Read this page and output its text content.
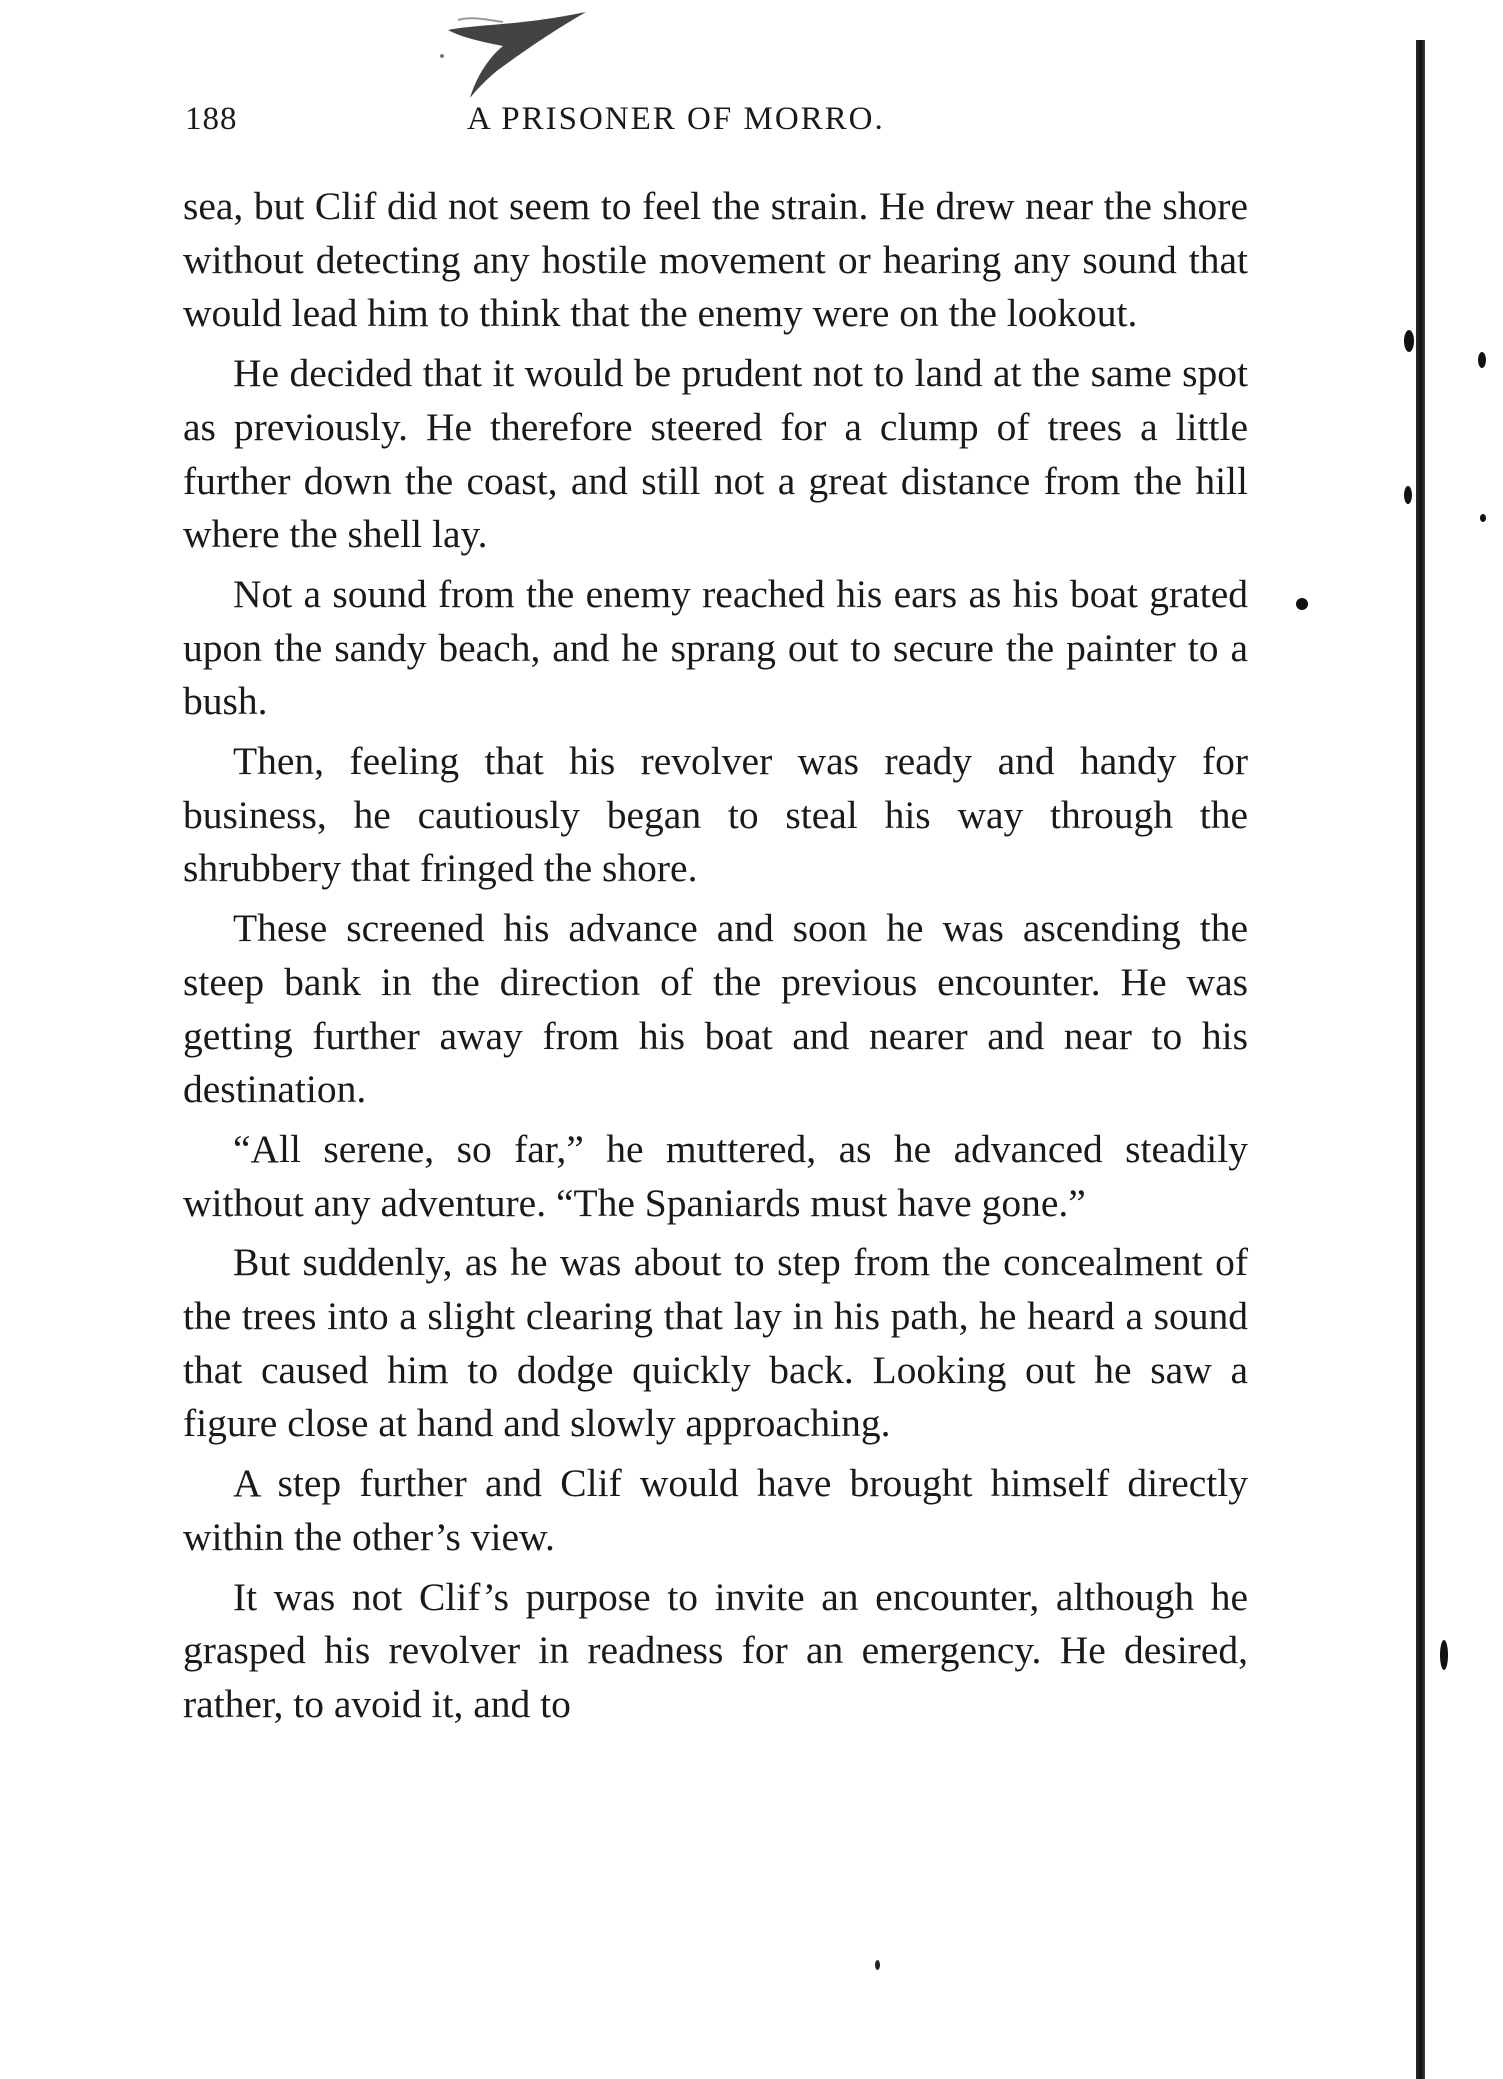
188	A PRISONER OF MORRO.

sea, but Clif did not seem to feel the strain. He drew near the shore without detecting any hostile movement or hearing any sound that would lead him to think that the enemy were on the lookout.

He decided that it would be prudent not to land at the same spot as previously. He therefore steered for a clump of trees a little further down the coast, and still not a great distance from the hill where the shell lay.

Not a sound from the enemy reached his ears as his boat grated upon the sandy beach, and he sprang out to secure the painter to a bush.

Then, feeling that his revolver was ready and handy for business, he cautiously began to steal his way through the shrubbery that fringed the shore.

These screened his advance and soon he was ascending the steep bank in the direction of the previous encounter. He was getting further away from his boat and nearer and near to his destination.

“All serene, so far,” he muttered, as he advanced steadily without any adventure. “The Spaniards must have gone.”

But suddenly, as he was about to step from the concealment of the trees into a slight clearing that lay in his path, he heard a sound that caused him to dodge quickly back. Looking out he saw a figure close at hand and slowly approaching.

A step further and Clif would have brought himself directly within the other’s view.

It was not Clif’s purpose to invite an encounter, although he grasped his revolver in readness for an emergency. He desired, rather, to avoid it, and to
